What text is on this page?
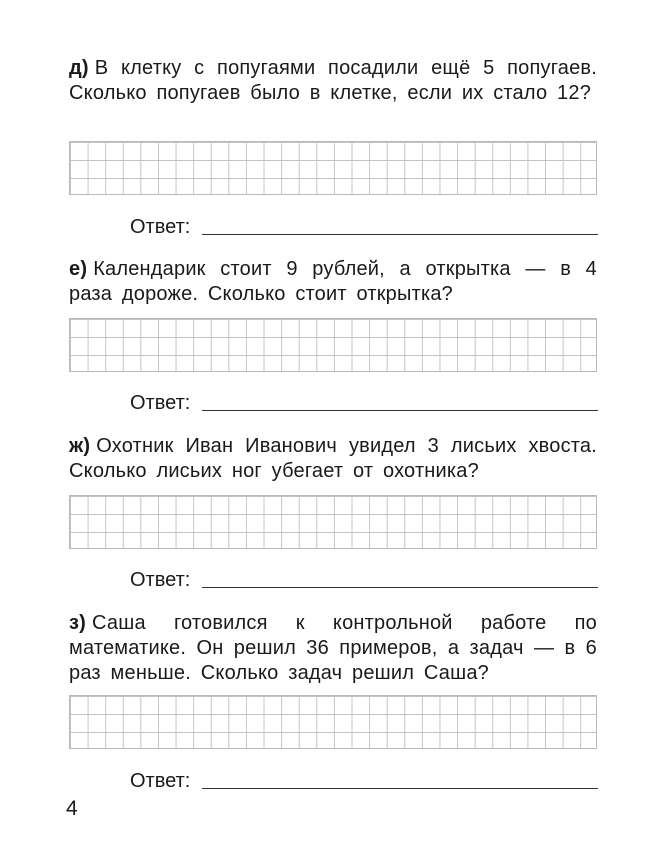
д) В клетку с попугаями посадили ещё 5 попугаев. Сколько попугаев было в клетке, если их стало 12?

Ответ:

е) Календарик стоит 9 рублей, а открытка — в 4 раза дороже. Сколько стоит открытка?

Ответ:

ж) Охотник Иван Иванович увидел 3 лисьих хвоста. Сколько лисьих ног убегает от охотника?

Ответ:

з) Саша готовился к контрольной работе по математике. Он решил 36 примеров, а задач — в 6 раз меньше. Сколько задач решил Саша?

Ответ:
4
